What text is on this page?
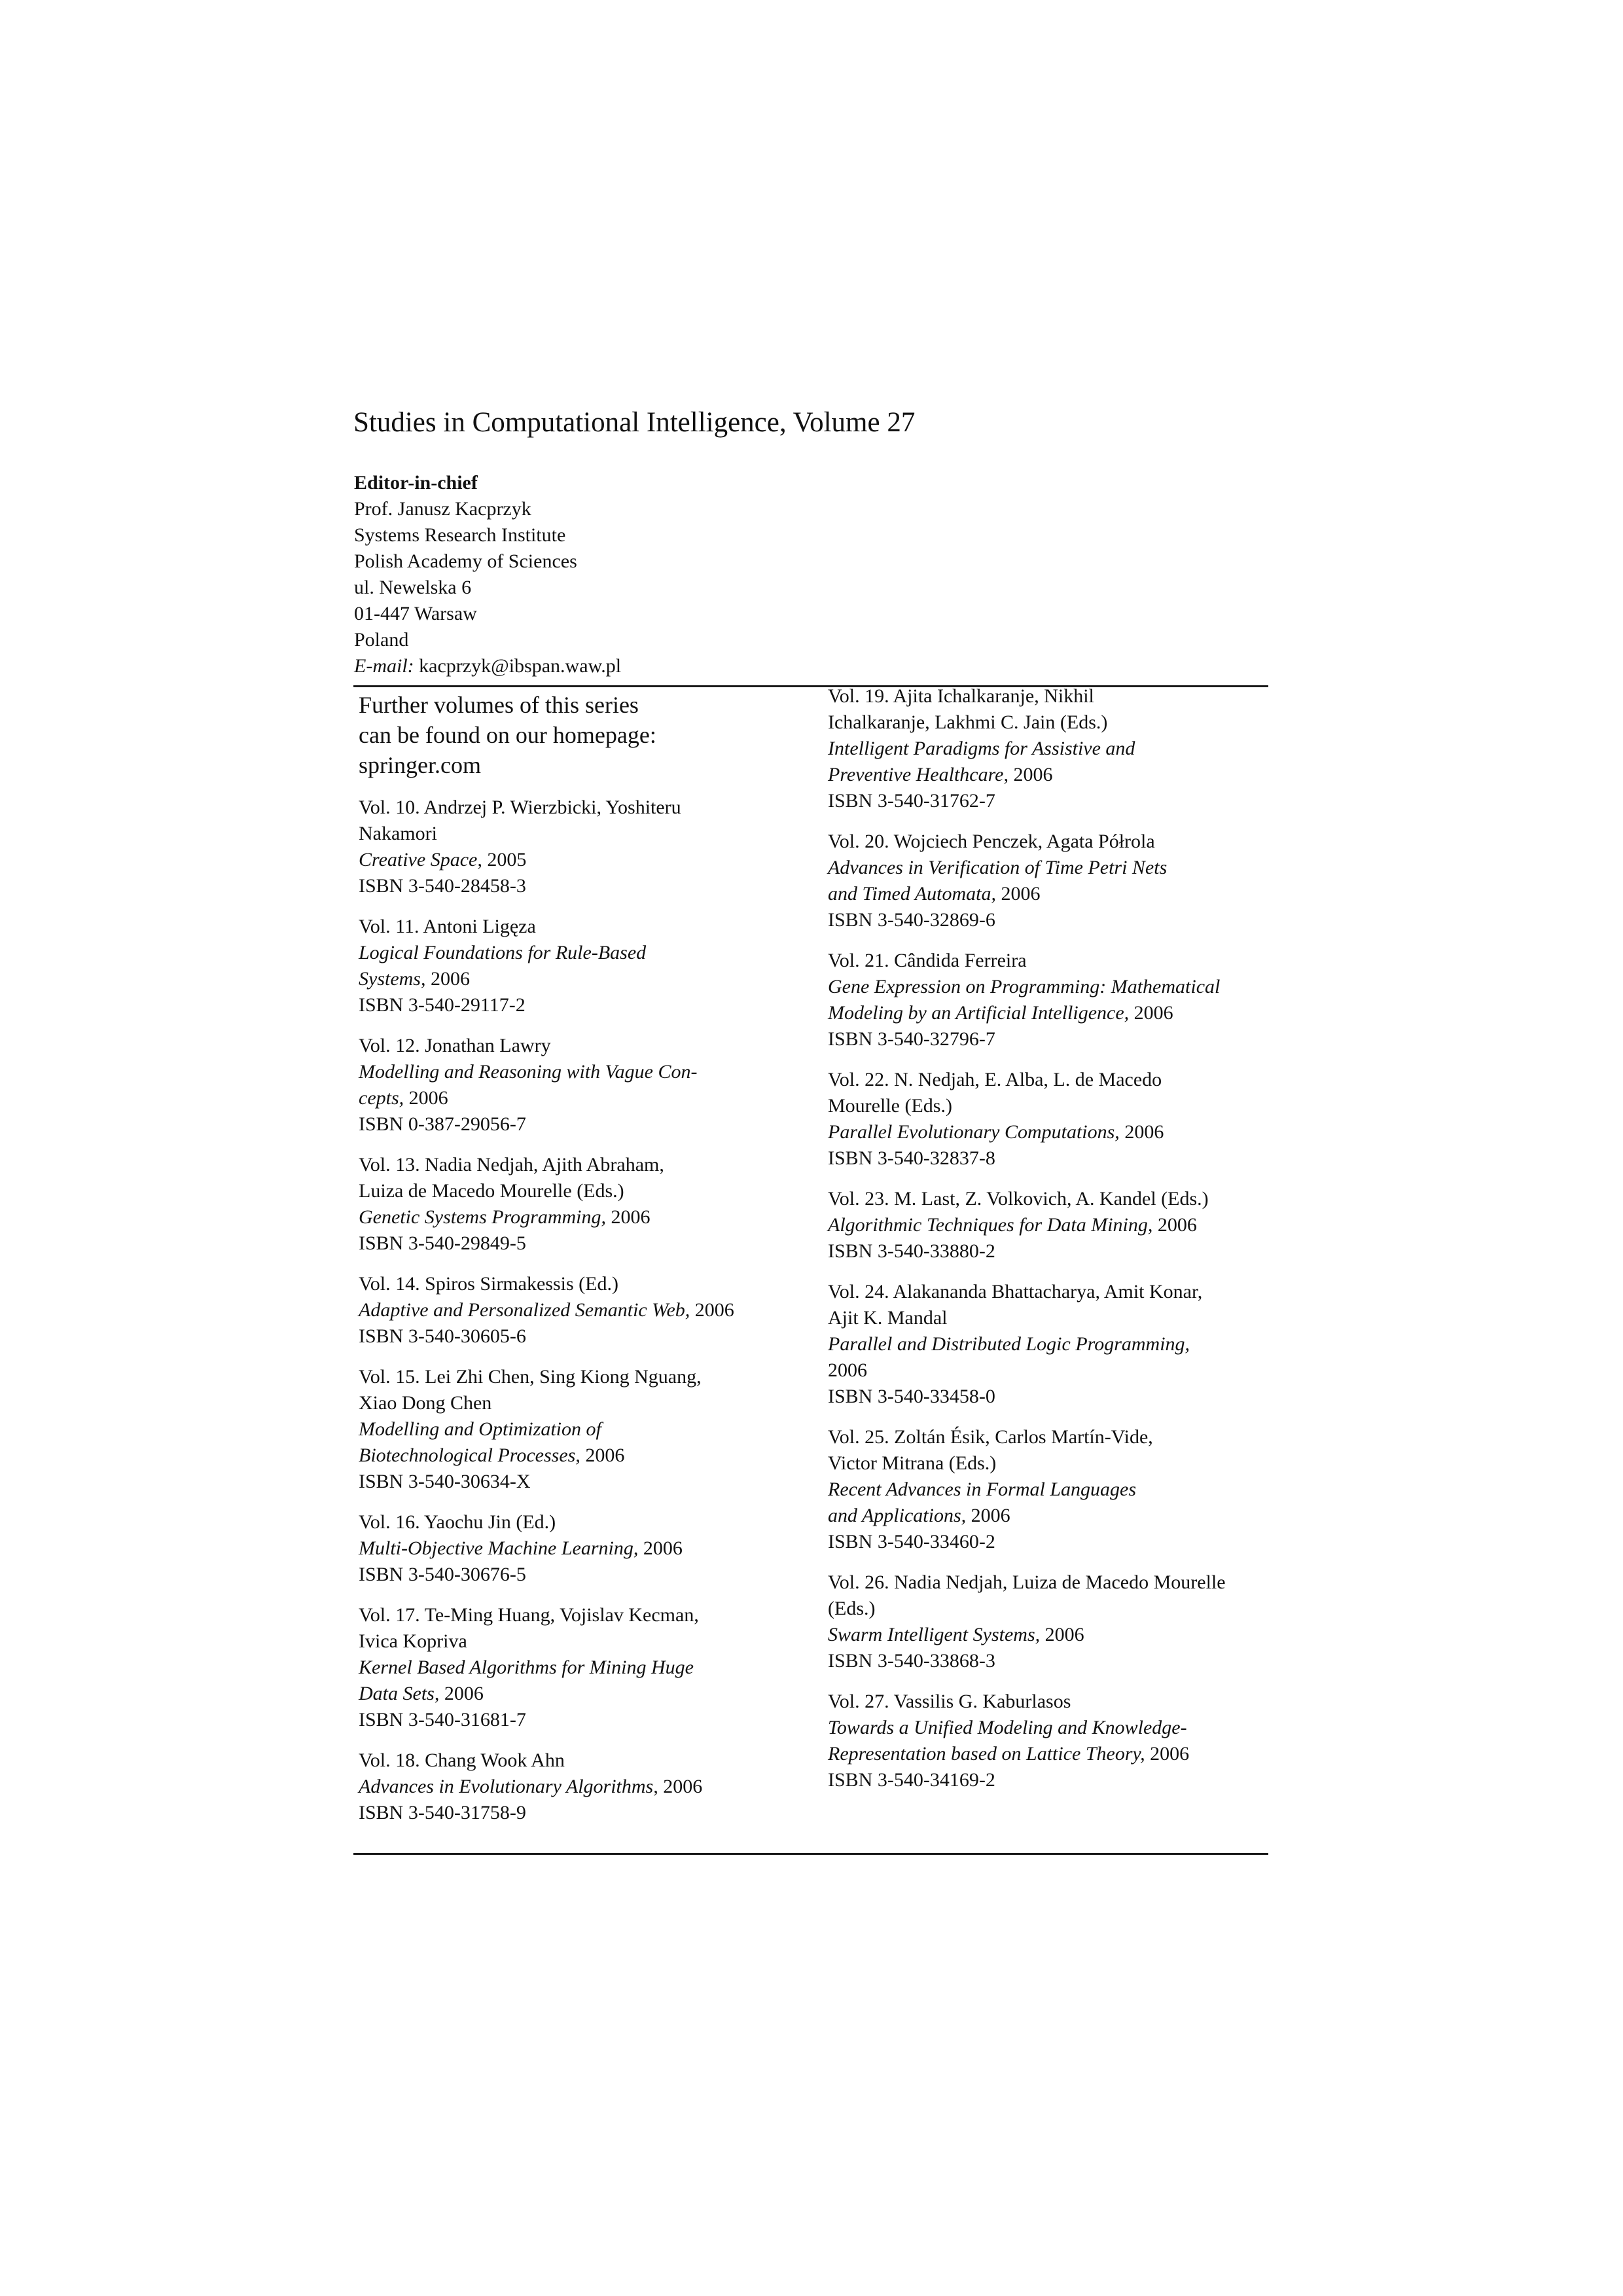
Studies in Computational Intelligence, Volume 27
Editor-in-chief
Prof. Janusz Kacprzyk
Systems Research Institute
Polish Academy of Sciences
ul. Newelska 6
01-447 Warsaw
Poland
E-mail: kacprzyk@ibspan.waw.pl
Further volumes of this series
can be found on our homepage:
springer.com
Vol. 10. Andrzej P. Wierzbicki, Yoshiteru
Nakamori
Creative Space, 2005
ISBN 3-540-28458-3
Vol. 11. Antoni Ligęza
Logical Foundations for Rule-Based
Systems, 2006
ISBN 3-540-29117-2
Vol. 12. Jonathan Lawry
Modelling and Reasoning with Vague Con-
cepts, 2006
ISBN 0-387-29056-7
Vol. 13. Nadia Nedjah, Ajith Abraham,
Luiza de Macedo Mourelle (Eds.)
Genetic Systems Programming, 2006
ISBN 3-540-29849-5
Vol. 14. Spiros Sirmakessis (Ed.)
Adaptive and Personalized Semantic Web, 2006
ISBN 3-540-30605-6
Vol. 15. Lei Zhi Chen, Sing Kiong Nguang,
Xiao Dong Chen
Modelling and Optimization of
Biotechnological Processes, 2006
ISBN 3-540-30634-X
Vol. 16. Yaochu Jin (Ed.)
Multi-Objective Machine Learning, 2006
ISBN 3-540-30676-5
Vol. 17. Te-Ming Huang, Vojislav Kecman,
Ivica Kopriva
Kernel Based Algorithms for Mining Huge
Data Sets, 2006
ISBN 3-540-31681-7
Vol. 18. Chang Wook Ahn
Advances in Evolutionary Algorithms, 2006
ISBN 3-540-31758-9
Vol. 19. Ajita Ichalkaranje, Nikhil
Ichalkaranje, Lakhmi C. Jain (Eds.)
Intelligent Paradigms for Assistive and
Preventive Healthcare, 2006
ISBN 3-540-31762-7
Vol. 20. Wojciech Penczek, Agata Półrola
Advances in Verification of Time Petri Nets
and Timed Automata, 2006
ISBN 3-540-32869-6
Vol. 21. Cândida Ferreira
Gene Expression on Programming: Mathematical
Modeling by an Artificial Intelligence, 2006
ISBN 3-540-32796-7
Vol. 22. N. Nedjah, E. Alba, L. de Macedo
Mourelle (Eds.)
Parallel Evolutionary Computations, 2006
ISBN 3-540-32837-8
Vol. 23. M. Last, Z. Volkovich, A. Kandel (Eds.)
Algorithmic Techniques for Data Mining, 2006
ISBN 3-540-33880-2
Vol. 24. Alakananda Bhattacharya, Amit Konar,
Ajit K. Mandal
Parallel and Distributed Logic Programming,
2006
ISBN 3-540-33458-0
Vol. 25. Zoltán Ésik, Carlos Martín-Vide,
Victor Mitrana (Eds.)
Recent Advances in Formal Languages
and Applications, 2006
ISBN 3-540-33460-2
Vol. 26. Nadia Nedjah, Luiza de Macedo Mourelle
(Eds.)
Swarm Intelligent Systems, 2006
ISBN 3-540-33868-3
Vol. 27. Vassilis G. Kaburlasos
Towards a Unified Modeling and Knowledge-
Representation based on Lattice Theory, 2006
ISBN 3-540-34169-2
